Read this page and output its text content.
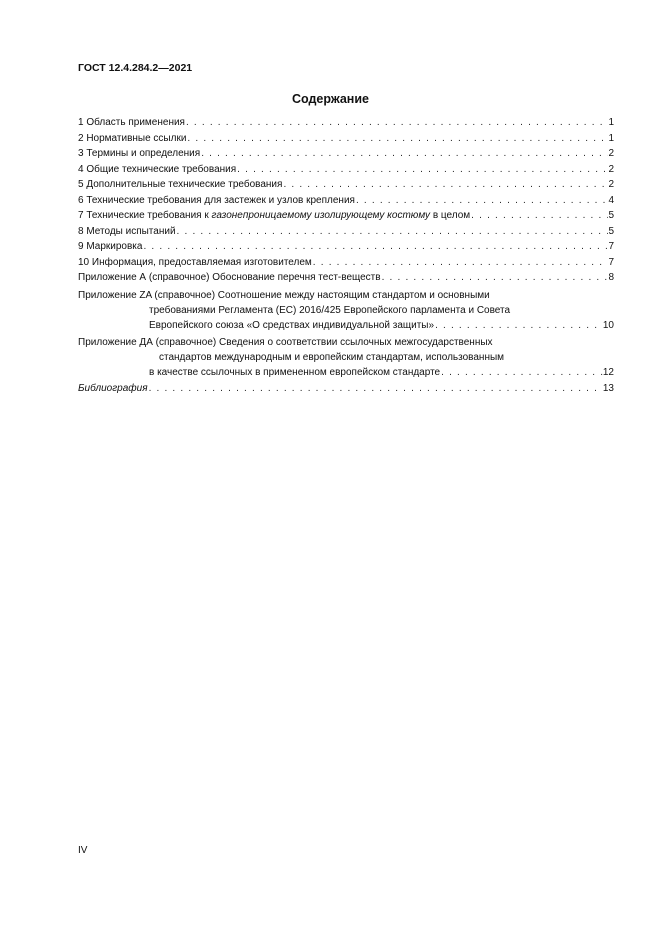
ГОСТ 12.4.284.2—2021
Содержание
1 Область применения . . .	1
2 Нормативные ссылки . . .	1
3 Термины и определения . . .	2
4 Общие технические требования . . .	2
5 Дополнительные технические требования . . .	2
6 Технические требования для застежек и узлов крепления . . .	4
7 Технические требования к газонепроницаемому изолирующему костюму в целом . . .	5
8 Методы испытаний . . .	5
9 Маркировка . . .	7
10 Информация, предоставляемая изготовителем . . .	7
Приложение А (справочное) Обоснование перечня тест-веществ . . .	8
Приложение ZA (справочное) Соотношение между настоящим стандартом и основными
требованиями Регламента (ЕС) 2016/425 Европейского парламента и Совета
Европейского союза «О средствах индивидуальной защиты» . . .	10
Приложение ДА (справочное) Сведения о соответствии ссылочных межгосударственных
стандартов международным и европейским стандартам, использованным
в качестве ссылочных в примененном европейском стандарте . . .	12
Библиография . . .	13
IV
